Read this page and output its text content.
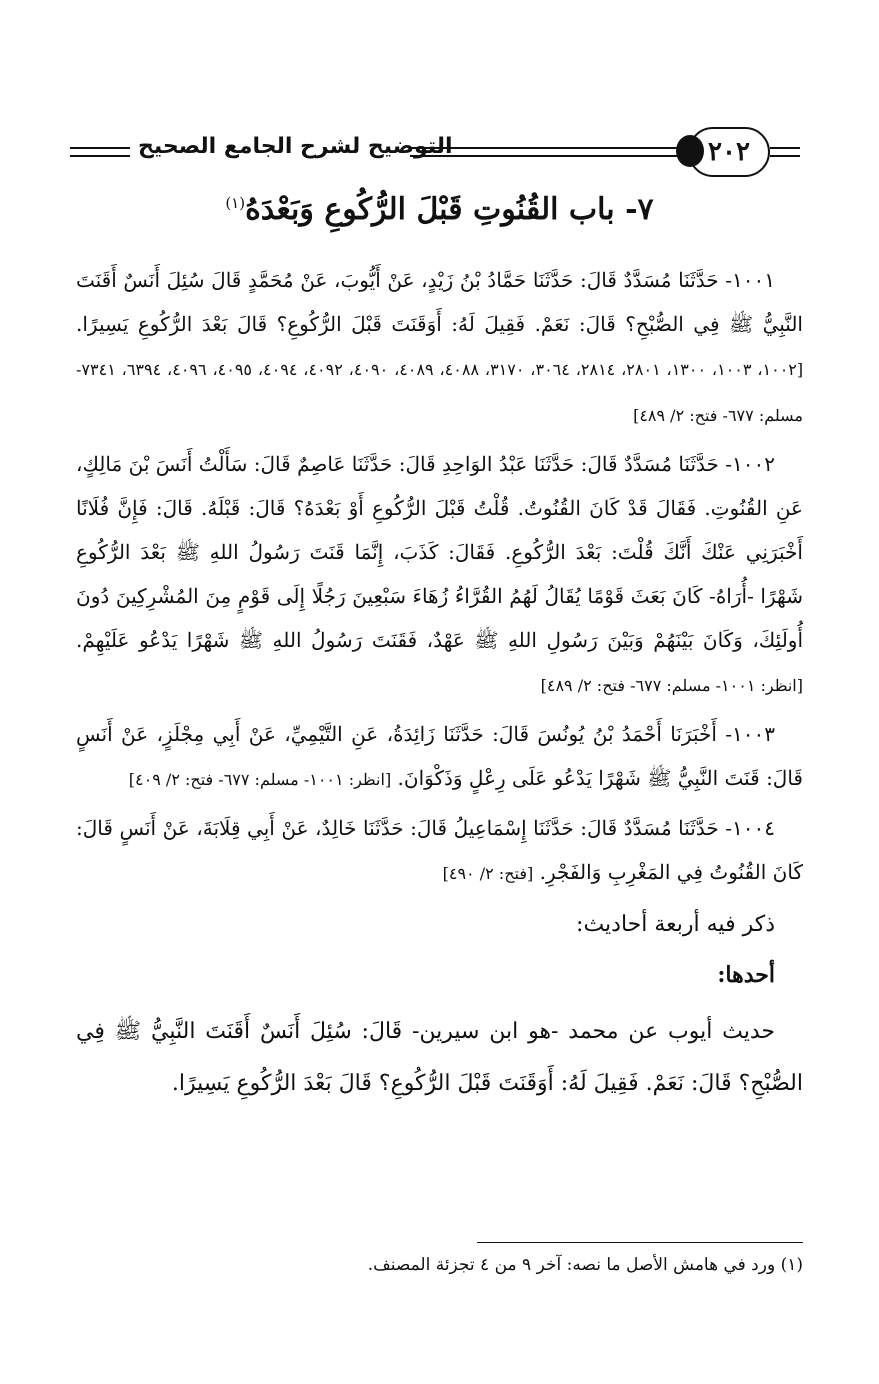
٢٠٢
التوضيح لشرح الجامع الصحيح
٧- باب القُنُوتِ قَبْلَ الرُّكُوعِ وَبَعْدَهُ$^{(١)}$

١٠٠١- حَدَّثَنَا مُسَدَّدٌ قَالَ: حَدَّثَنَا حَمَّادُ بْنُ زَيْدٍ، عَنْ أَيُّوبَ، عَنْ مُحَمَّدٍ قَالَ سُئِلَ أَنَسٌ أَقَنَتَ النَّبِيُّ ﷺ فِي الصُّبْحِ؟ قَالَ: نَعَمْ. فَقِيلَ لَهُ: أَوَقَنَتَ قَبْلَ الرُّكُوعِ؟ قَالَ بَعْدَ الرُّكُوعِ يَسِيرًا. [١٠٠٢، ١٠٠٣، ١٣٠٠، ٢٨٠١، ٢٨١٤، ٣٠٦٤، ٣١٧٠، ٤٠٨٨، ٤٠٨٩، ٤٠٩٠، ٤٠٩٢، ٤٠٩٤، ٤٠٩٥، ٤٠٩٦، ٦٣٩٤، ٧٣٤١- مسلم: ٦٧٧- فتح: ٢/ ٤٨٩]

١٠٠٢- حَدَّثَنَا مُسَدَّدٌ قَالَ: حَدَّثَنَا عَبْدُ الوَاحِدِ قَالَ: حَدَّثَنَا عَاصِمٌ قَالَ: سَأَلْتُ أَنَسَ بْنَ مَالِكٍ، عَنِ القُنُوتِ. فَقَالَ قَدْ كَانَ القُنُوتُ. قُلْتُ قَبْلَ الرُّكُوعِ أَوْ بَعْدَهُ؟ قَالَ: قَبْلَهُ. قَالَ: فَإِنَّ فُلَانًا أَخْبَرَنِي عَنْكَ أَنَّكَ قُلْتَ: بَعْدَ الرُّكُوعِ. فَقَالَ: كَذَبَ، إِنَّمَا قَنَتَ رَسُولُ اللهِ ﷺ بَعْدَ الرُّكُوعِ شَهْرًا -أُرَاهُ- كَانَ بَعَثَ قَوْمًا يُقَالُ لَهُمُ القُرَّاءُ زُهَاءَ سَبْعِينَ رَجُلًا إِلَى قَوْمٍ مِنَ المُشْرِكِينَ دُونَ أُولَئِكَ، وَكَانَ بَيْنَهُمْ وَبَيْنَ رَسُولِ اللهِ ﷺ عَهْدٌ، فَقَنَتَ رَسُولُ اللهِ ﷺ شَهْرًا يَدْعُو عَلَيْهِمْ. [انظر: ١٠٠١- مسلم: ٦٧٧- فتح: ٢/ ٤٨٩]

١٠٠٣- أَخْبَرَنَا أَحْمَدُ بْنُ يُونُسَ قَالَ: حَدَّثَنَا زَائِدَةُ، عَنِ التَّيْمِيِّ، عَنْ أَبِي مِجْلَزٍ، عَنْ أَنَسٍ قَالَ: قَنَتَ النَّبِيُّ ﷺ شَهْرًا يَدْعُو عَلَى رِعْلٍ وَذَكْوَانَ. [انظر: ١٠٠١- مسلم: ٦٧٧- فتح: ٢/ ٤٠٩]

١٠٠٤- حَدَّثَنَا مُسَدَّدٌ قَالَ: حَدَّثَنَا إِسْمَاعِيلُ قَالَ: حَدَّثَنَا خَالِدٌ، عَنْ أَبِي قِلَابَةَ، عَنْ أَنَسٍ قَالَ: كَانَ القُنُوتُ فِي المَغْرِبِ وَالفَجْرِ. [فتح: ٢/ ٤٩٠]

ذكر فيه أربعة أحاديث:

أحدها:

حديث أيوب عن محمد -هو ابن سيرين- قَالَ: سُئِلَ أَنَسٌ أَقَنَتَ النَّبِيُّ ﷺ فِي الصُّبْحِ؟ قَالَ: نَعَمْ. فَقِيلَ لَهُ: أَوَقَنَتَ قَبْلَ الرُّكُوعِ؟ قَالَ بَعْدَ الرُّكُوعِ يَسِيرًا.

(١) ورد في هامش الأصل ما نصه: آخر ٩ من ٤ تجزئة المصنف.
